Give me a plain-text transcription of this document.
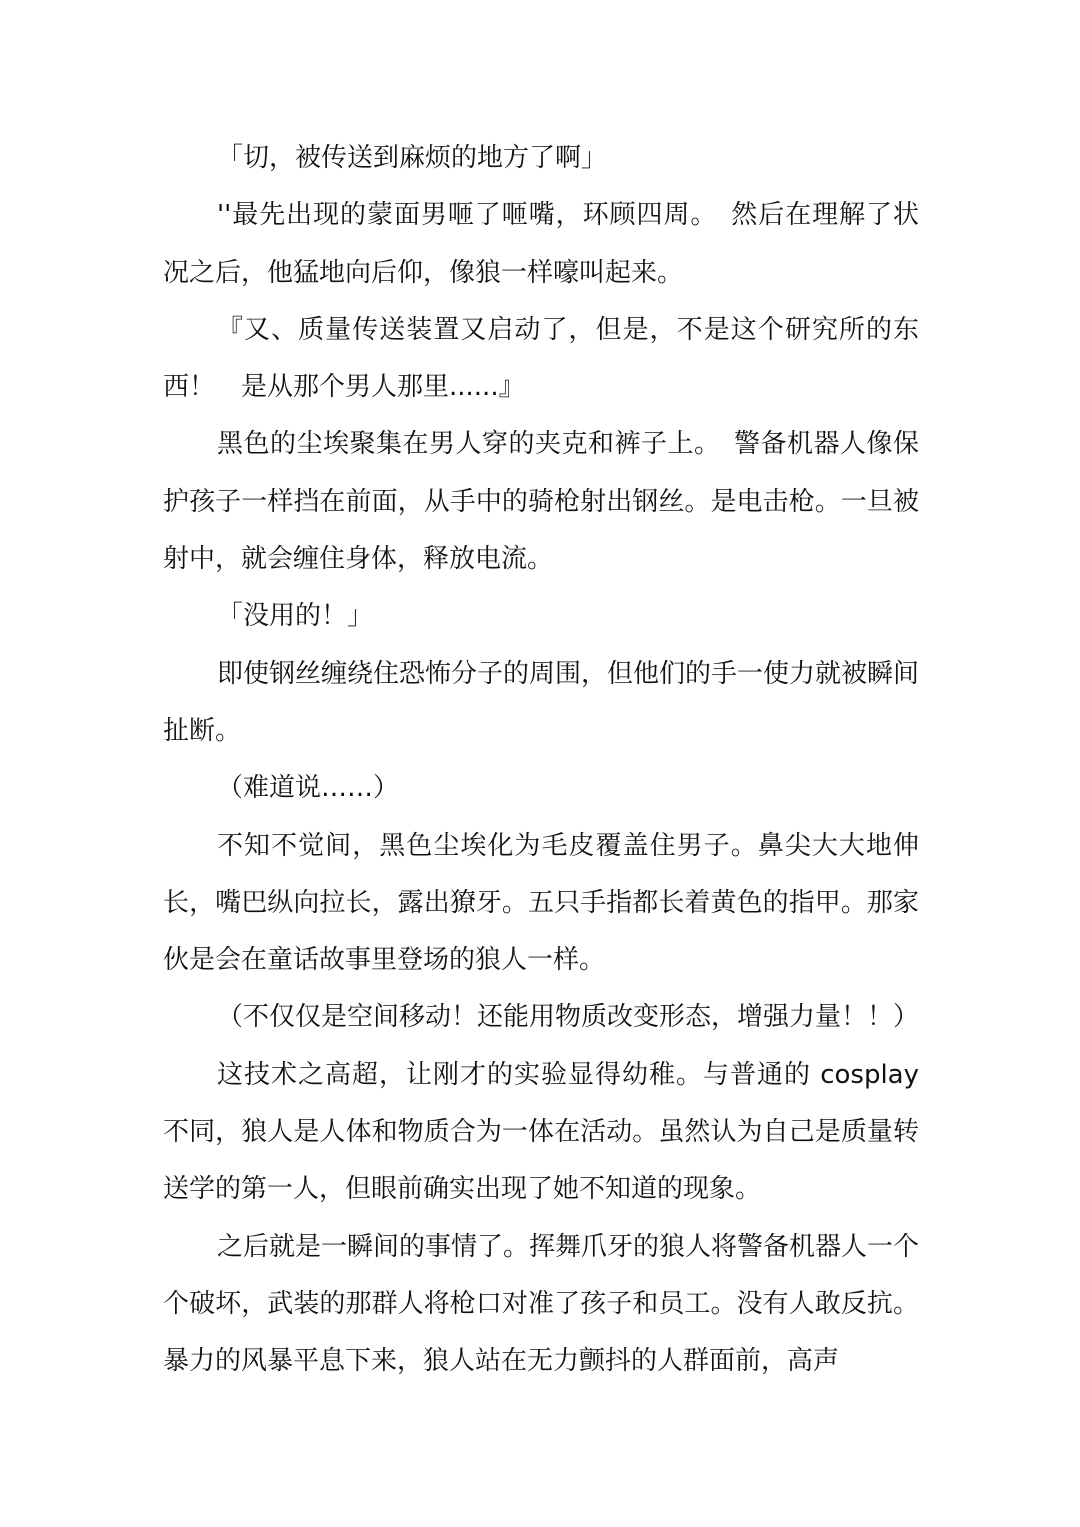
「切，被传送到麻烦的地方了啊」

''最先出现的蒙面男咂了咂嘴，环顾四周。　然后在理解了状况之后，他猛地向后仰，像狼一样嚎叫起来。

『又、质量传送装置又启动了，但是，不是这个研究所的东西！　是从那个男人那里......』

黑色的尘埃聚集在男人穿的夹克和裤子上。　警备机器人像保护孩子一样挡在前面，从手中的骑枪射出钢丝。是电击枪。一旦被射中，就会缠住身体，释放电流。

「没用的！」

即使钢丝缠绕住恐怖分子的周围，但他们的手一使力就被瞬间扯断。

（难道说……）

不知不觉间，黑色尘埃化为毛皮覆盖住男子。鼻尖大大地伸长，嘴巴纵向拉长，露出獠牙。五只手指都长着黄色的指甲。那家伙是会在童话故事里登场的狼人一样。

（不仅仅是空间移动！还能用物质改变形态，增强力量！！）

这技术之高超，让刚才的实验显得幼稚。与普通的 cosplay 不同，狼人是人体和物质合为一体在活动。虽然认为自己是质量转送学的第一人，但眼前确实出现了她不知道的现象。

之后就是一瞬间的事情了。挥舞爪牙的狼人将警备机器人一个个破坏，武装的那群人将枪口对准了孩子和员工。没有人敢反抗。暴力的风暴平息下来，狼人站在无力颤抖的人群面前，高声
